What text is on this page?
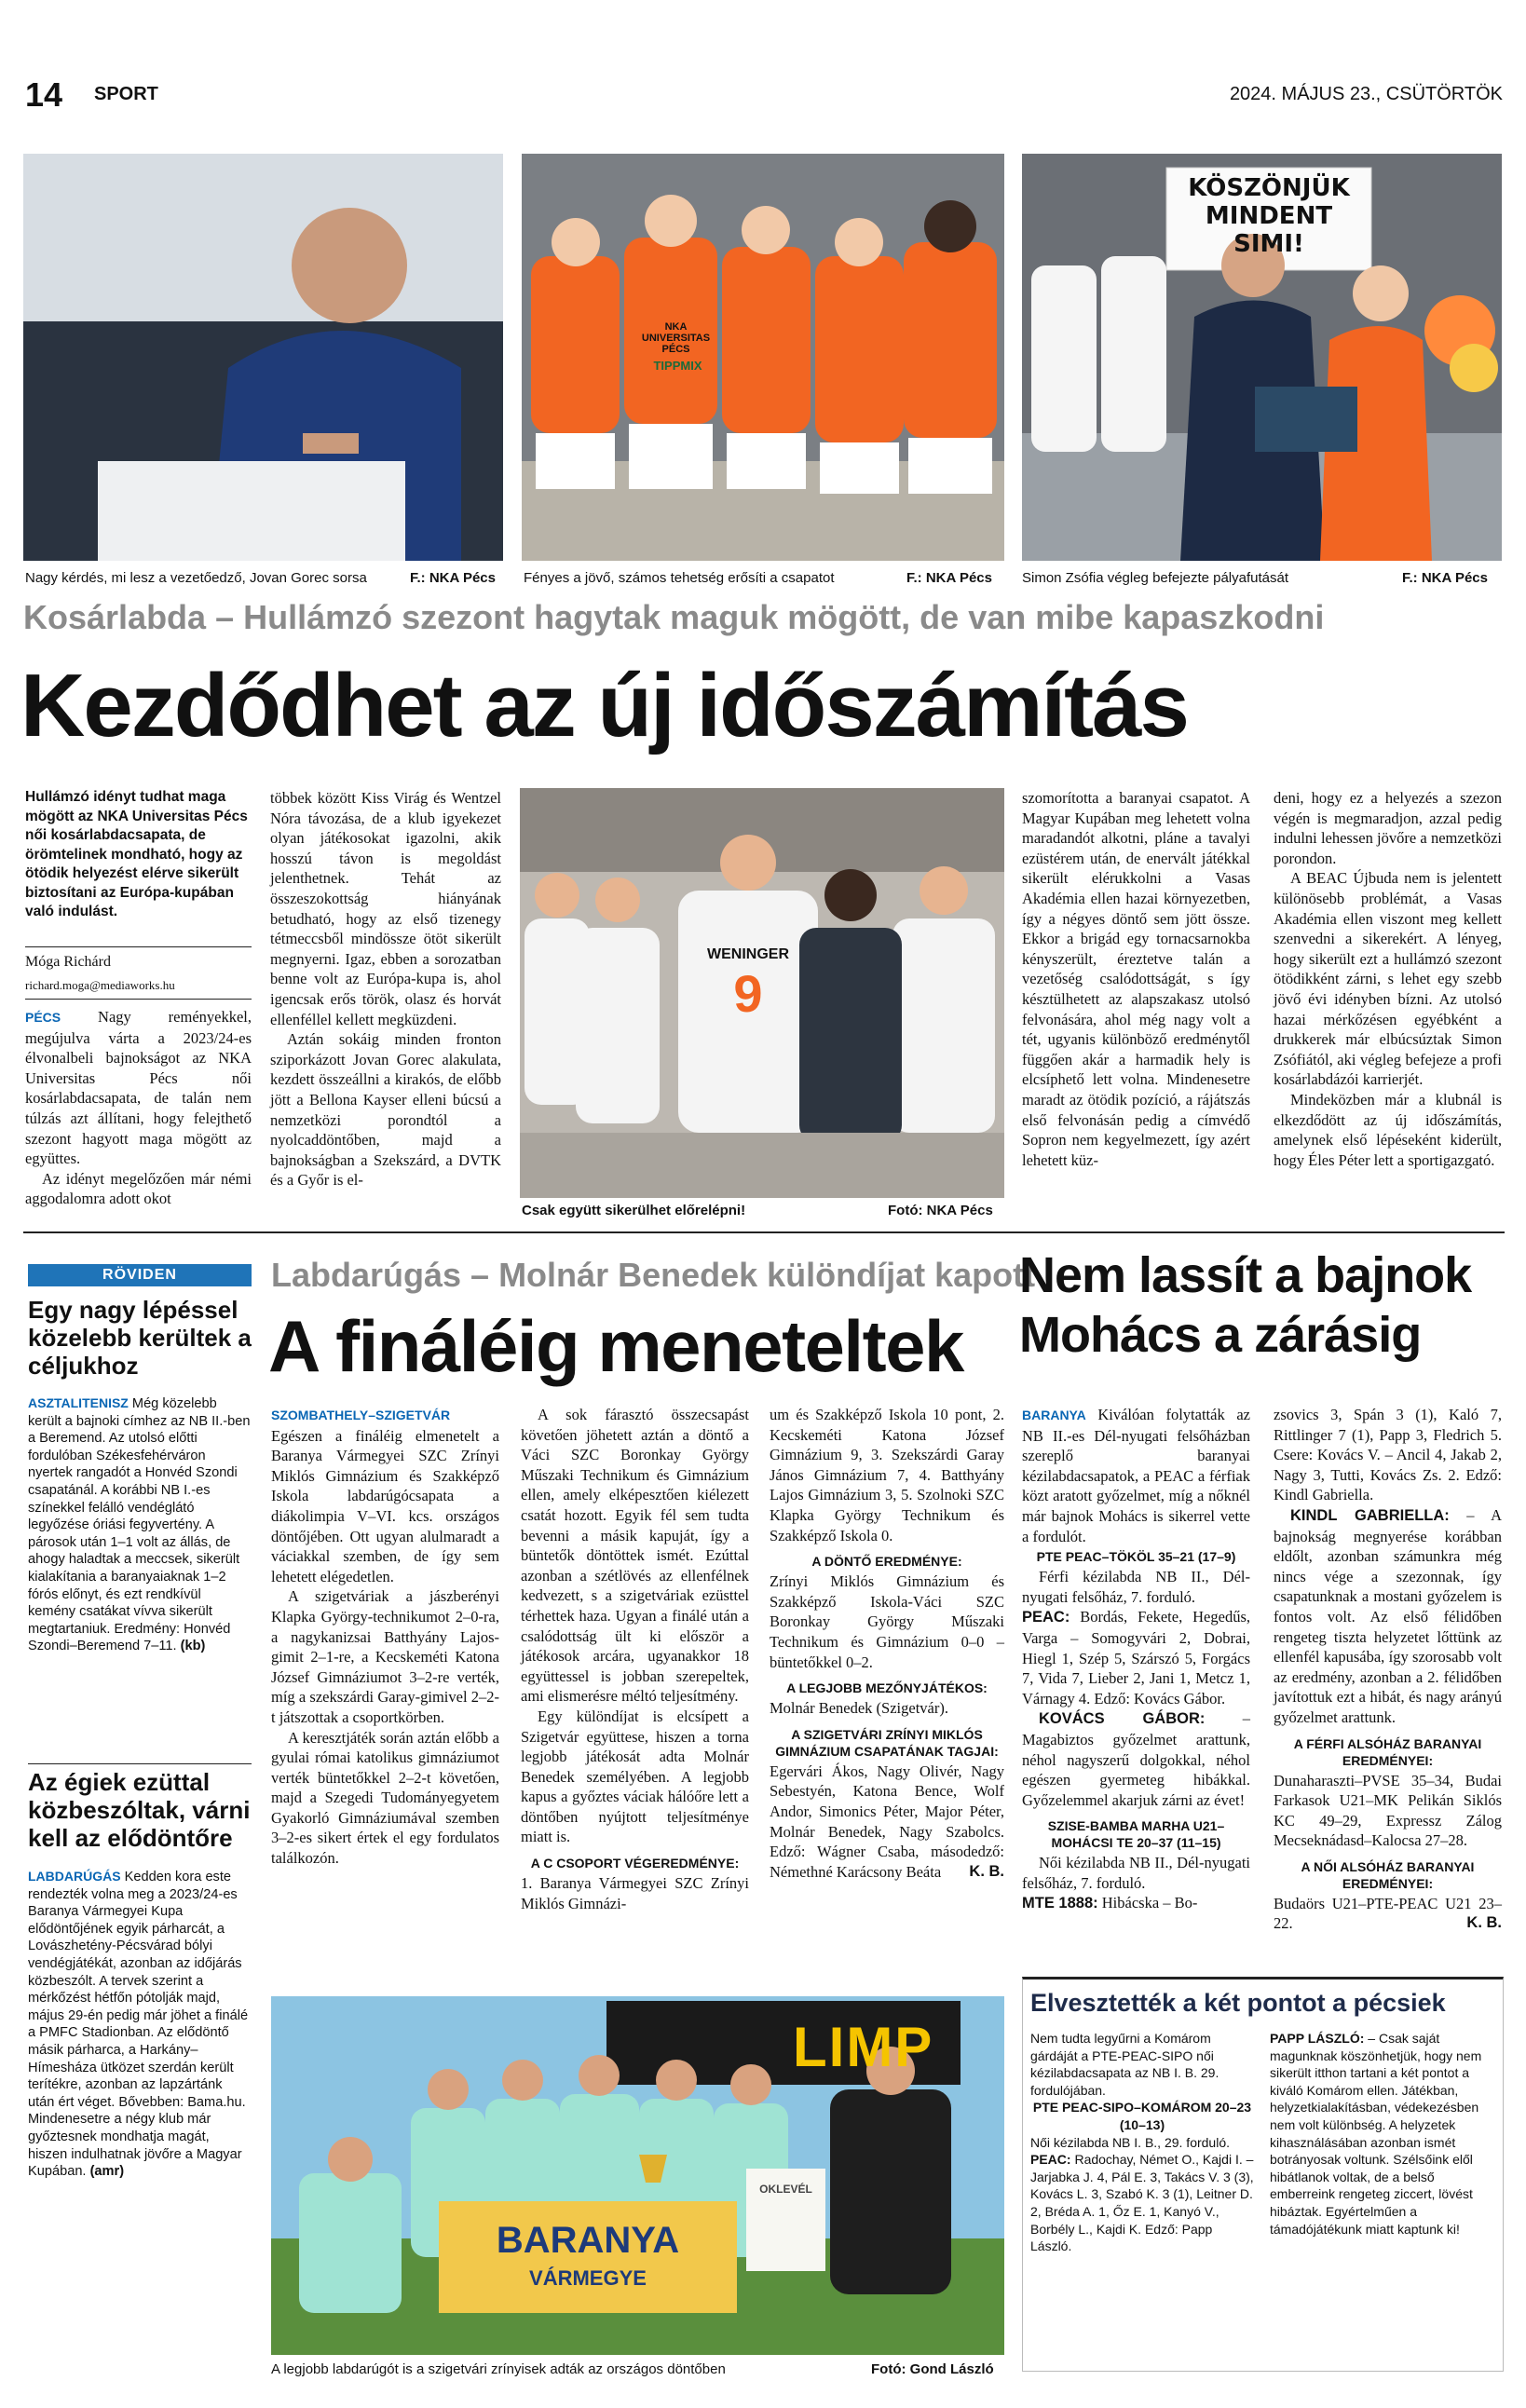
14 SPORT	2024. MÁJUS 23., CSÜTÖRTÖK
Nagy kérdés, mi lesz a vezetőedző, Jovan Gorec sorsa	F.: NKA Pécs
NKA UNIVERSITAS PÉCS
TIPPMIX
Fényes a jövő, számos tehetség erősíti a csapatot	F.: NKA Pécs
KÖSZÖNJÜK MINDENT SIMI!
Simon Zsófia végleg befejezte pályafutását	F.: NKA Pécs
Kosárlabda – Hullámzó szezont hagytak maguk mögött, de van mibe kapaszkodni
Kezdődhet az új időszámítás
Hullámzó idényt tudhat maga mögött az NKA Universitas Pécs női kosárlabdacsapata, de örömtelinek mondható, hogy az ötödik helyezést elérve sikerült biztosítani az Európa-kupában való indulást.
Móga Richárd
richard.moga@mediaworks.hu

PÉCS Nagy reményekkel, megújulva várta a 2023/24-es élvonalbeli bajnokságot az NKA Universitas Pécs női kosárlabdacsapata, de talán nem túlzás azt állítani, hogy felejthető szezont hagyott maga mögött az együttes.

Az idényt megelőzően már némi aggodalomra adott okot

többek között Kiss Virág és Wentzel Nóra távozása, de a klub igyekezet olyan játékosokat igazolni, akik hosszú távon is megoldást jelenthetnek. Tehát az összeszokottság hiányának betudható, hogy az első tizenegy tétmeccsből mindössze ötöt sikerült megnyerni. Igaz, ebben a sorozatban benne volt az Európa-kupa is, ahol igencsak erős török, olasz és horvát ellenféllel kellett megküzdeni.

Aztán sokáig minden fronton sziporkázott Jovan Gorec alakulata, kezdett összeállni a kirakós, de előbb jött a Bellona Kayser elleni búcsú a nemzetközi porondtól a nyolcaddöntőben, majd a bajnokságban a Szekszárd, a DVTK és a Győr is el-

WENINGER
9
Csak együtt sikerülhet előrelépni!	Fotó: NKA Pécs

szomorította a baranyai csapatot. A Magyar Kupában meg lehetett volna maradandót alkotni, pláne a tavalyi ezüstérem után, de enervált játékkal sikerült elérukkolni a Vasas Akadémia ellen hazai környezetben, így a négyes döntő sem jött össze. Ekkor a brigád egy tornacsarnokba kényszerült, éreztetve talán a vezetőség csalódottságát, s így késztülhetett az alapszakasz utolsó felvonására, ahol még nagy volt a tét, ugyanis különböző eredménytől függően akár a harmadik hely is elcsíphető lett volna. Mindenesetre maradt az ötödik pozíció, a rájátszás első felvonásán pedig a címvédő Sopron nem kegyelmezett, így azért lehetett küz-

deni, hogy ez a helyezés a szezon végén is megmaradjon, azzal pedig indulni lehessen jövőre a nemzetközi porondon.

A BEAC Újbuda nem is jelentett különösebb problémát, a Vasas Akadémia ellen viszont meg kellett szenvedni a sikerekért. A lényeg, hogy sikerült ezt a hullámzó szezont ötödikként zárni, s lehet egy szebb jövő évi idényben bízni. Az utolsó hazai mérkőzésen egyébként a drukkerek már elbúcsúztak Simon Zsófiától, aki végleg befejeze a profi kosárlabdázói karrierjét.

Mindeközben már a klubnál is elkezdődött az új időszámítás, amelynek első lépéseként kiderült, hogy Éles Péter lett a sportigazgató.

RÖVIDEN
Egy nagy lépéssel közelebb kerültek a céljukhoz

ASZTALITENISZ Még közelebb került a bajnoki címhez az NB II.-ben a Beremend. Az utolsó előtti fordulóban Székesfehérváron nyertek rangadót a Honvéd Szondi csapatánál. A korábbi NB I.-es színekkel felálló vendéglátó legyőzése óriási fegyvertény. A párosok után 1–1 volt az állás, de ahogy haladtak a meccsek, sikerült kialakítania a baranyaiaknak 1–2 fórós előnyt, és ezt rendkívül kemény csatákat vívva sikerült megtartaniuk. Eredmény: Honvéd Szondi–Beremend 7–11. (kb)

Az égiek ezüttal közbeszóltak, várni kell az elődöntőre

LABDARÚGÁS Kedden kora este rendezték volna meg a 2023/24-es Baranya Vármegyei Kupa elődöntőjének egyik párharcát, a Lovászhetény-Pécsvárad bólyi vendégjátékát, azonban az időjárás közbeszólt. A tervek szerint a mérkőzést hétfőn pótolják majd, május 29-én pedig már jöhet a finálé a PMFC Stadionban. Az elődöntő másik párharca, a Harkány–Hímesháza ütközet szerdán került terítékre, azonban az lapzártánk után ért véget. Bővebben: Bama.hu. Mindenesetre a négy klub már győztesnek mondhatja magát, hiszen indulhatnak jövőre a Magyar Kupában. (amr)

Labdarúgás – Molnár Benedek különdíjat kapott
A fináléig meneteltek

SZOMBATHELY–SZIGETVÁR Egészen a fináléig elmenetelt a Baranya Vármegyei SZC Zrínyi Miklós Gimnázium és Szakképző Iskola labdarúgócsapata a diákolimpia V–VI. kcs. országos döntőjében. Ott ugyan alulmaradt a váciakkal szemben, de így sem lehetett elégedetlen.

A szigetváriak a jászberényi Klapka György-technikumot 2–0-ra, a nagykanizsai Batthyány Lajos-gimit 2–1-re, a Kecskeméti Katona József Gimnáziumot 3–2-re verték, míg a szekszárdi Garay-gimivel 2–2-t játszottak a csoportkörben.

A keresztjáték során aztán előbb a gyulai római katolikus gimnáziumot verték büntetőkkel 2–2-t követően, majd a Szegedi Tudományegyetem Gyakorló Gimnáziumával szemben 3–2-es sikert értek el egy fordulatos találkozón.

A sok fárasztó összecsapást követően jöhetett aztán a döntő a Váci SZC Boronkay György Műszaki Technikum és Gimnázium ellen, amely elképesztően kiélezett csatát hozott. Egyik fél sem tudta bevenni a másik kapuját, így a büntetők döntöttek ismét. Ezúttal azonban a szétlövés az ellenfélnek kedvezett, s a szigetváriak ezüsttel térhettek haza. Ugyan a finálé után a csalódottság ült ki először a játékosok arcára, ugyanakkor 18 együttessel is jobban szerepeltek, ami elismerésre méltó teljesítmény.

Egy különdíjat is elcsípett a Szigetvár együttese, hiszen a torna legjobb játékosát adta Molnár Benedek személyében. A legjobb kapus a győztes váciak hálóőre lett a döntőben nyújtott teljesítménye miatt is.

A C CSOPORT VÉGEREDMÉNYE:

1. Baranya Vármegyei SZC Zrínyi Miklós Gimnázi-

um és Szakképző Iskola 10 pont, 2. Kecskeméti Katona József Gimnázium 9, 3. Szekszárdi Garay János Gimnázium 7, 4. Batthyány Lajos Gimnázium 3, 5. Szolnoki SZC Klapka György Technikum és Szakképző Iskola 0.

A DÖNTŐ EREDMÉNYE:

Zrínyi Miklós Gimnázium és Szakképző Iskola-Váci SZC Boronkay György Műszaki Technikum és Gimnázium 0–0 – büntetőkkel 0–2.

A LEGJOBB MEZŐNYJÁTÉKOS:

Molnár Benedek (Szigetvár).

A SZIGETVÁRI ZRÍNYI MIKLÓS GIMNÁZIUM CSAPATÁNAK TAGJAI:

Egervári Ákos, Nagy Olivér, Nagy Sebestyén, Katona Bence, Wolf Andor, Simonics Péter, Major Péter, Molnár Benedek, Nagy Szabolcs. Edző: Wágner Csaba, másodedző: Némethné Karácsony Beáta K. B.

BARANYA
VÁRMEGYE
OKLEVÉL
LIMP
A legjobb labdarúgót is a szigetvári zrínyisek adták az országos döntőben	Fotó: Gond László
Nem lassít a bajnok
Mohács a zárásig

BARANYA Kiválóan folytatták az NB II.-es Dél-nyugati felsőházban szereplő baranyai kézilabdacsapatok, a PEAC a férfiak közt aratott győzelmet, míg a nőknél már bajnok Mohács is sikerrel vette a fordulót.

PTE PEAC–TÖKÖL 35–21 (17–9)

Férfi kézilabda NB II., Dél-nyugati felsőház, 7. forduló.

PEAC: Bordás, Fekete, Hegedűs, Varga – Somogyvári 2, Dobrai, Hiegl 1, Szép 5, Szárszó 5, Forgács 7, Vida 7, Lieber 2, Jani 1, Metcz 1, Várnagy 4. Edző: Kovács Gábor.

KOVÁCS GÁBOR: – Magabiztos győzelmet arattunk, néhol nagyszerű dolgokkal, néhol egészen gyermeteg hibákkal. Győzelemmel akarjuk zárni az évet!

SZISE-BAMBA MARHA U21–MOHÁCSI TE 20–37 (11–15)

Női kézilabda NB II., Dél-nyugati felsőház, 7. forduló.

MTE 1888: Hibácska – Bo-

zsovics 3, Spán 3 (1), Kaló 7, Rittlinger 7 (1), Papp 3, Fledrich 5. Csere: Kovács V. – Ancil 4, Jakab 2, Nagy 3, Tutti, Kovács Zs. 2. Edző: Kindl Gabriella.

KINDL GABRIELLA: – A bajnokság megnyerése korábban eldőlt, azonban számunkra még nincs vége a szezonnak, így csapatunknak a mostani győzelem is fontos volt. Az első félidőben rengeteg tiszta helyzetet lőttünk az ellenfél kapusába, így szorosabb volt az eredmény, azonban a 2. félidőben javítottuk ezt a hibát, és nagy arányú győzelmet arattunk.

A FÉRFI ALSÓHÁZ BARANYAI EREDMÉNYEI:

Dunaharaszti–PVSE 35–34, Budai Farkasok U21–MK Pelikán Siklós KC 49–29, Expressz Zálog Mecseknádasd–Kalocsa 27–28.

A NŐI ALSÓHÁZ BARANYAI EREDMÉNYEI:

Budaörs U21–PTE-PEAC U21 23–22.	K. B.

Elvesztették a két pontot a pécsiek

Nem tudta legyűrni a Komárom gárdáját a PTE-PEAC-SIPO női kézilabdacsapata az NB I. B. 29. fordulójában.

PTE PEAC-SIPO–KOMÁROM 20–23 (10–13)

Női kézilabda NB I. B., 29. forduló.

PEAC: Radochay, Német O., Kajdi I. – Jarjabka J. 4, Pál E. 3, Takács V. 3 (3), Kovács L. 3, Szabó K. 3 (1), Leitner D. 2, Bréda A. 1, Őz E. 1, Kanyó V., Borbély L., Kajdi K. Edző: Papp László.

PAPP LÁSZLÓ: – Csak saját magunknak köszönhetjük, hogy nem sikerült itthon tartani a két pontot a kiváló Komárom ellen. Játékban, helyzetkialakításban, védekezésben nem volt különbség. A helyzetek kihasználásában azonban ismét botrányosak voltunk. Szélsőink elől hibátlanok voltak, de a belső emberreink rengeteg ziccert, lövést hibáztak. Egyértelműen a támadójátékunk miatt kaptunk ki!
